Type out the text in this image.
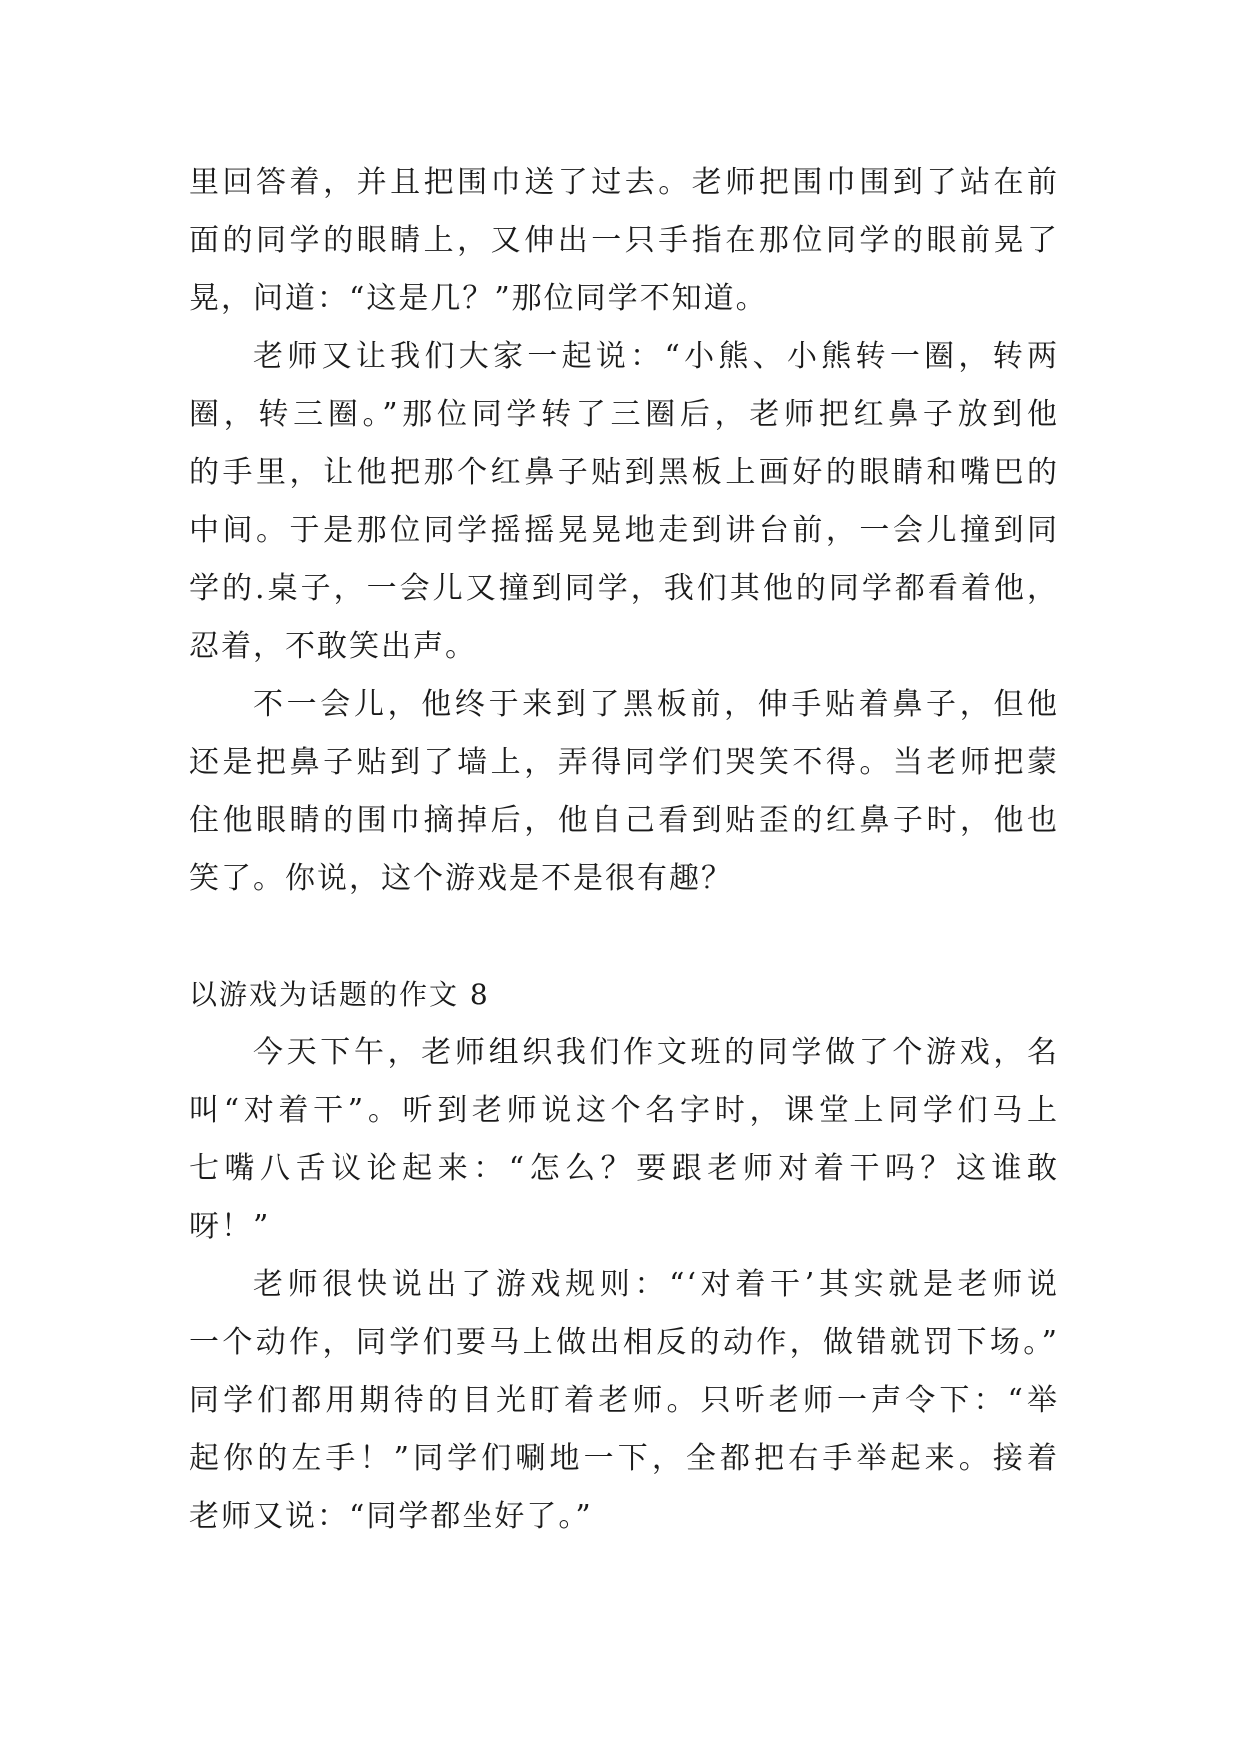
里回答着，并且把围巾送了过去。老师把围巾围到了站在前
面的同学的眼睛上，又伸出一只手指在那位同学的眼前晃了
晃，问道：“这是几？”那位同学不知道。
老师又让我们大家一起说：“小熊、小熊转一圈，转两
圈，转三圈。”那位同学转了三圈后，老师把红鼻子放到他
的手里，让他把那个红鼻子贴到黑板上画好的眼睛和嘴巴的
中间。于是那位同学摇摇晃晃地走到讲台前，一会儿撞到同
学的.桌子，一会儿又撞到同学，我们其他的同学都看着他，
忍着，不敢笑出声。
不一会儿，他终于来到了黑板前，伸手贴着鼻子，但他
还是把鼻子贴到了墙上，弄得同学们哭笑不得。当老师把蒙
住他眼睛的围巾摘掉后，他自己看到贴歪的红鼻子时，他也
笑了。你说，这个游戏是不是很有趣？
以游戏为话题的作文 8
今天下午，老师组织我们作文班的同学做了个游戏，名
叫“对着干”。听到老师说这个名字时，课堂上同学们马上
七嘴八舌议论起来：“怎么？要跟老师对着干吗？这谁敢
呀！”
老师很快说出了游戏规则：“‘对着干’其实就是老师说
一个动作，同学们要马上做出相反的动作，做错就罚下场。”
同学们都用期待的目光盯着老师。只听老师一声令下：“举
起你的左手！”同学们唰地一下，全都把右手举起来。接着
老师又说：“同学都坐好了。”
